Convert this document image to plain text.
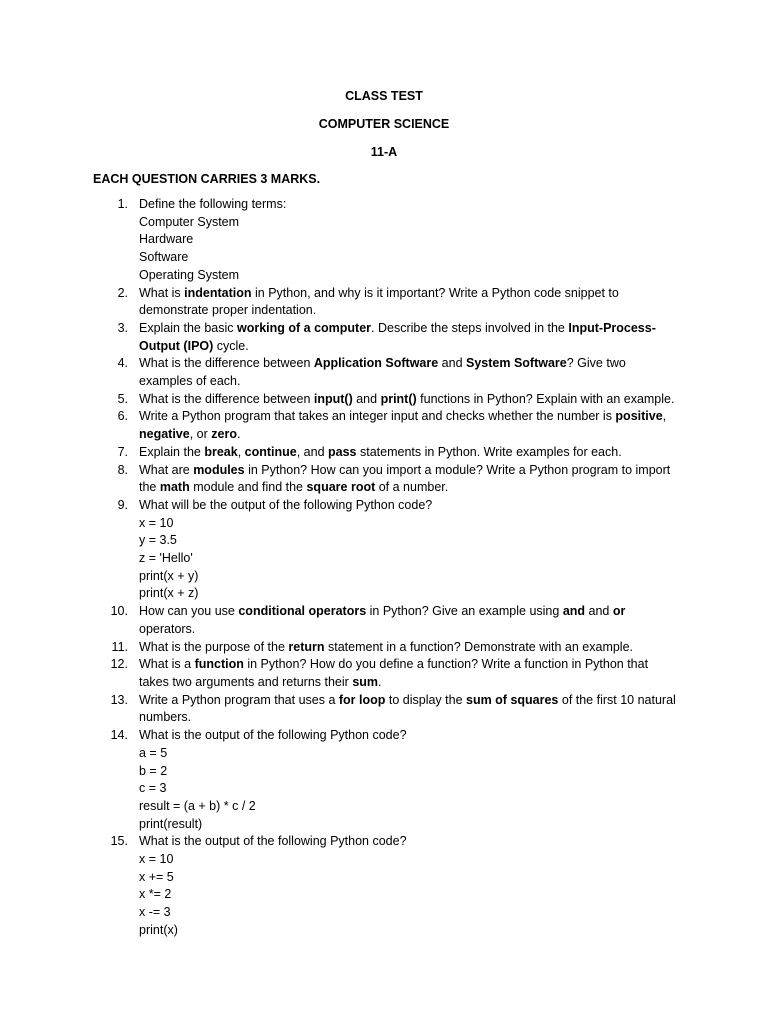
CLASS TEST
COMPUTER SCIENCE
11-A
EACH QUESTION CARRIES 3 MARKS.
1. Define the following terms:
Computer System
Hardware
Software
Operating System
2. What is indentation in Python, and why is it important? Write a Python code snippet to demonstrate proper indentation.
3. Explain the basic working of a computer. Describe the steps involved in the Input-Process-Output (IPO) cycle.
4. What is the difference between Application Software and System Software? Give two examples of each.
5. What is the difference between input() and print() functions in Python? Explain with an example.
6. Write a Python program that takes an integer input and checks whether the number is positive, negative, or zero.
7. Explain the break, continue, and pass statements in Python. Write examples for each.
8. What are modules in Python? How can you import a module? Write a Python program to import the math module and find the square root of a number.
9. What will be the output of the following Python code?
x = 10
y = 3.5
z = 'Hello'
print(x + y)
print(x + z)
10. How can you use conditional operators in Python? Give an example using and and or operators.
11. What is the purpose of the return statement in a function? Demonstrate with an example.
12. What is a function in Python? How do you define a function? Write a function in Python that takes two arguments and returns their sum.
13. Write a Python program that uses a for loop to display the sum of squares of the first 10 natural numbers.
14. What is the output of the following Python code?
a = 5
b = 2
c = 3
result = (a + b) * c / 2
print(result)
15. What is the output of the following Python code?
x = 10
x += 5
x *= 2
x -= 3
print(x)
